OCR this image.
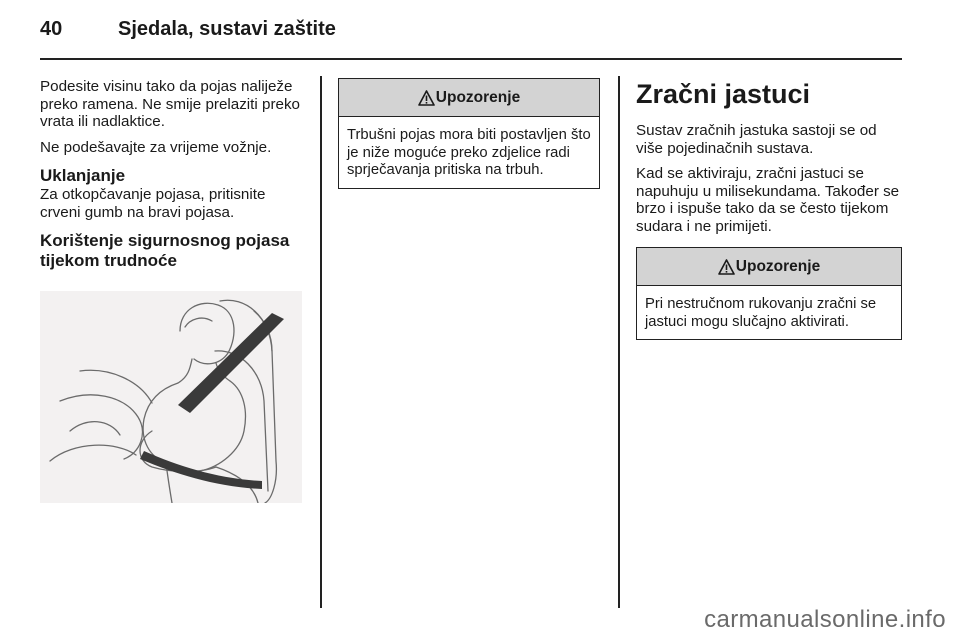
40	Sjedala, sustavi zaštite

Podesite visinu tako da pojas naliježe preko ramena. Ne smije prelaziti preko vrata ili nadlaktice.

Ne podešavajte za vrijeme vožnje.

Uklanjanje

Za otkopčavanje pojasa, pritisnite crveni gumb na bravi pojasa.

Korištenje sigurnosnog pojasa tijekom trudnoće
Upozorenje
Trbušni pojas mora biti postavljen što je niže moguće preko zdjelice radi sprječavanja pritiska na trbuh.
Zračni jastuci

Sustav zračnih jastuka sastoji se od više pojedinačnih sustava.

Kad se aktiviraju, zračni jastuci se napuhuju u milisekundama. Također se brzo i ispuše tako da se često tijekom sudara i ne primijeti.

Upozorenje
Pri nestručnom rukovanju zračni se jastuci mogu slučajno aktivirati.
carmanualsonline.info
